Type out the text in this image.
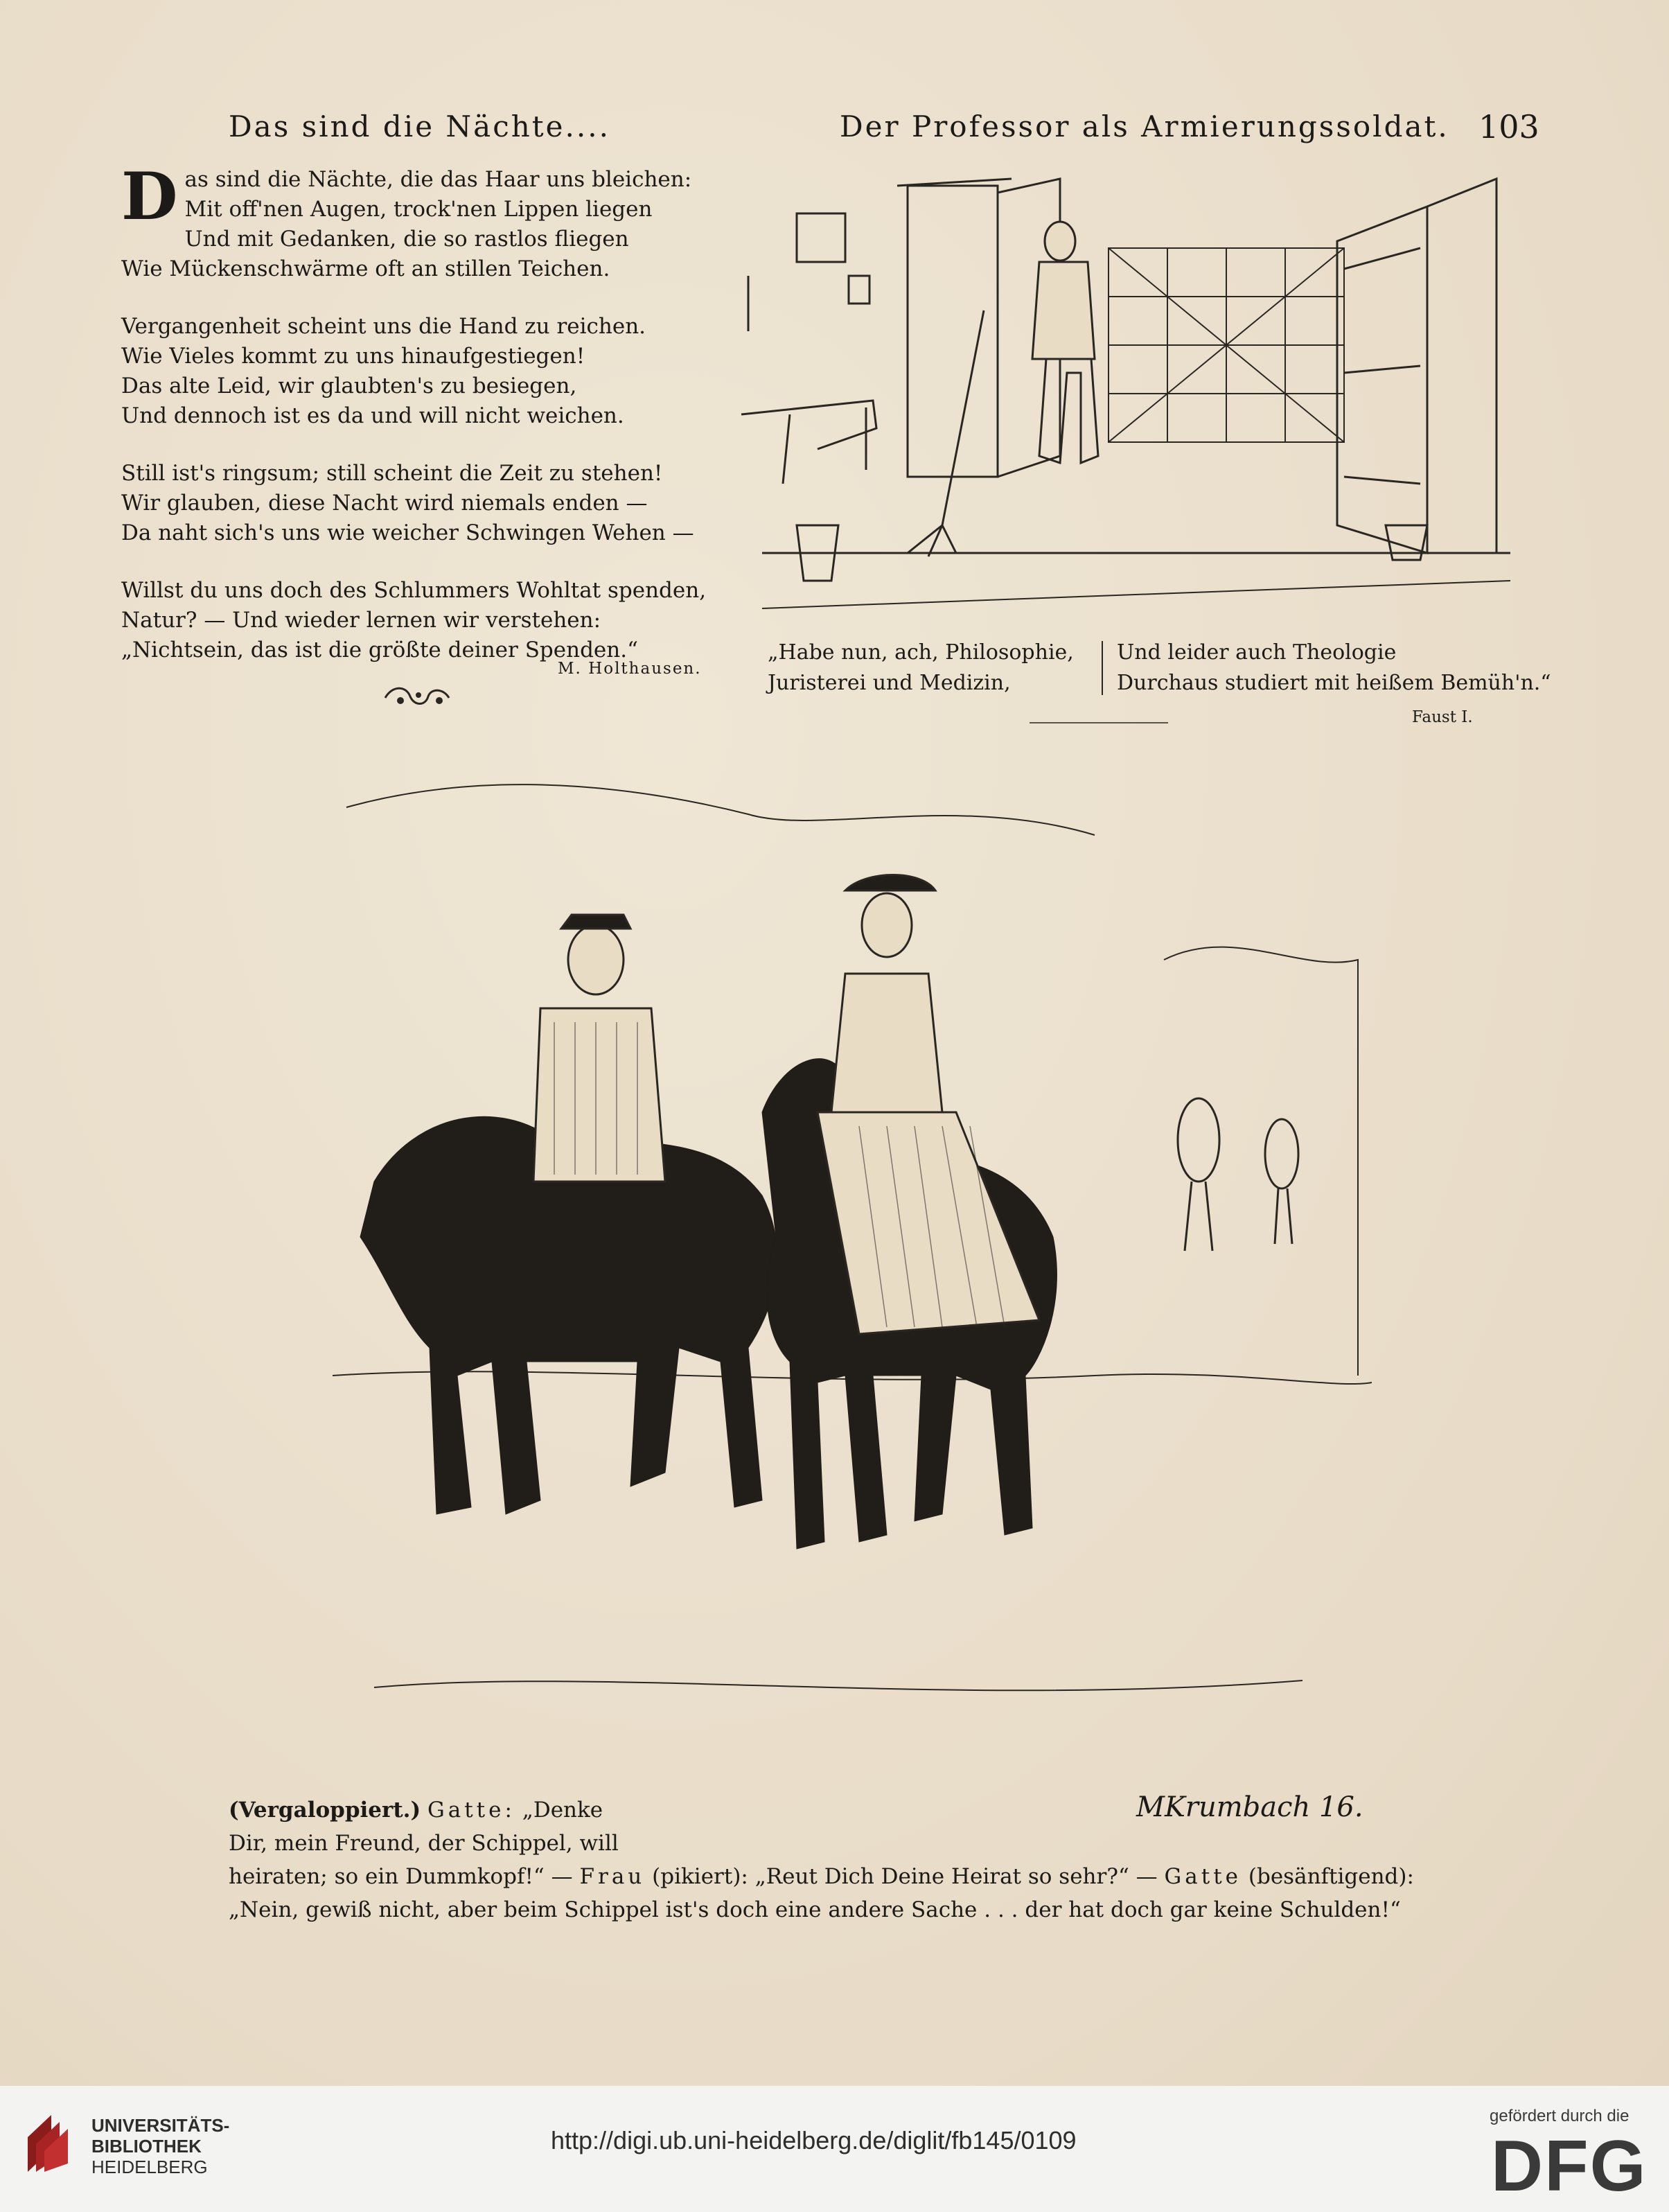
Das sind die Nächte....	Der Professor als Armierungssoldat. 103
D as sind die Nächte, die das Haar uns bleichen:
Mit off'nen Augen, trock'nen Lippen liegen
Und mit Gedanken, die so rastlos fliegen
Wie Mückenschwärme oft an stillen Teichen.
Vergangenheit scheint uns die Hand zu reichen.
Wie Vieles kommt zu uns hinaufgestiegen!
Das alte Leid, wir glaubten's zu besiegen,
Und dennoch ist es da und will nicht weichen.
Still ist's ringsum; still scheint die Zeit zu stehen!
Wir glauben, diese Nacht wird niemals enden —
Da naht sich's uns wie weicher Schwingen Wehen —
Willst du uns doch des Schlummers Wohltat spenden,
Natur? — Und wieder lernen wir verstehen:
„Nichtsein, das ist die größte deiner Spenden.“
M. Holthausen.
„Habe nun, ach, Philosophie,
Juristerei und Medizin,
Und leider auch Theologie
Durchaus studiert mit heißem Bemüh'n.“
Faust I.
MKrumbach 16.
(Vergaloppiert.) Gatte: „Denke
Dir, mein Freund, der Schippel, will
heiraten; so ein Dummkopf!“ — Frau (pikiert): „Reut Dich Deine Heirat so sehr?“ — Gatte (besänftigend):
„Nein, gewiß nicht, aber beim Schippel ist's doch eine andere Sache . . . der hat doch gar keine Schulden!“
UNIVERSITÄTS-
BIBLIOTHEK
HEIDELBERG
http://digi.ub.uni-heidelberg.de/diglit/fb145/0109
gefördert durch die
DFG
